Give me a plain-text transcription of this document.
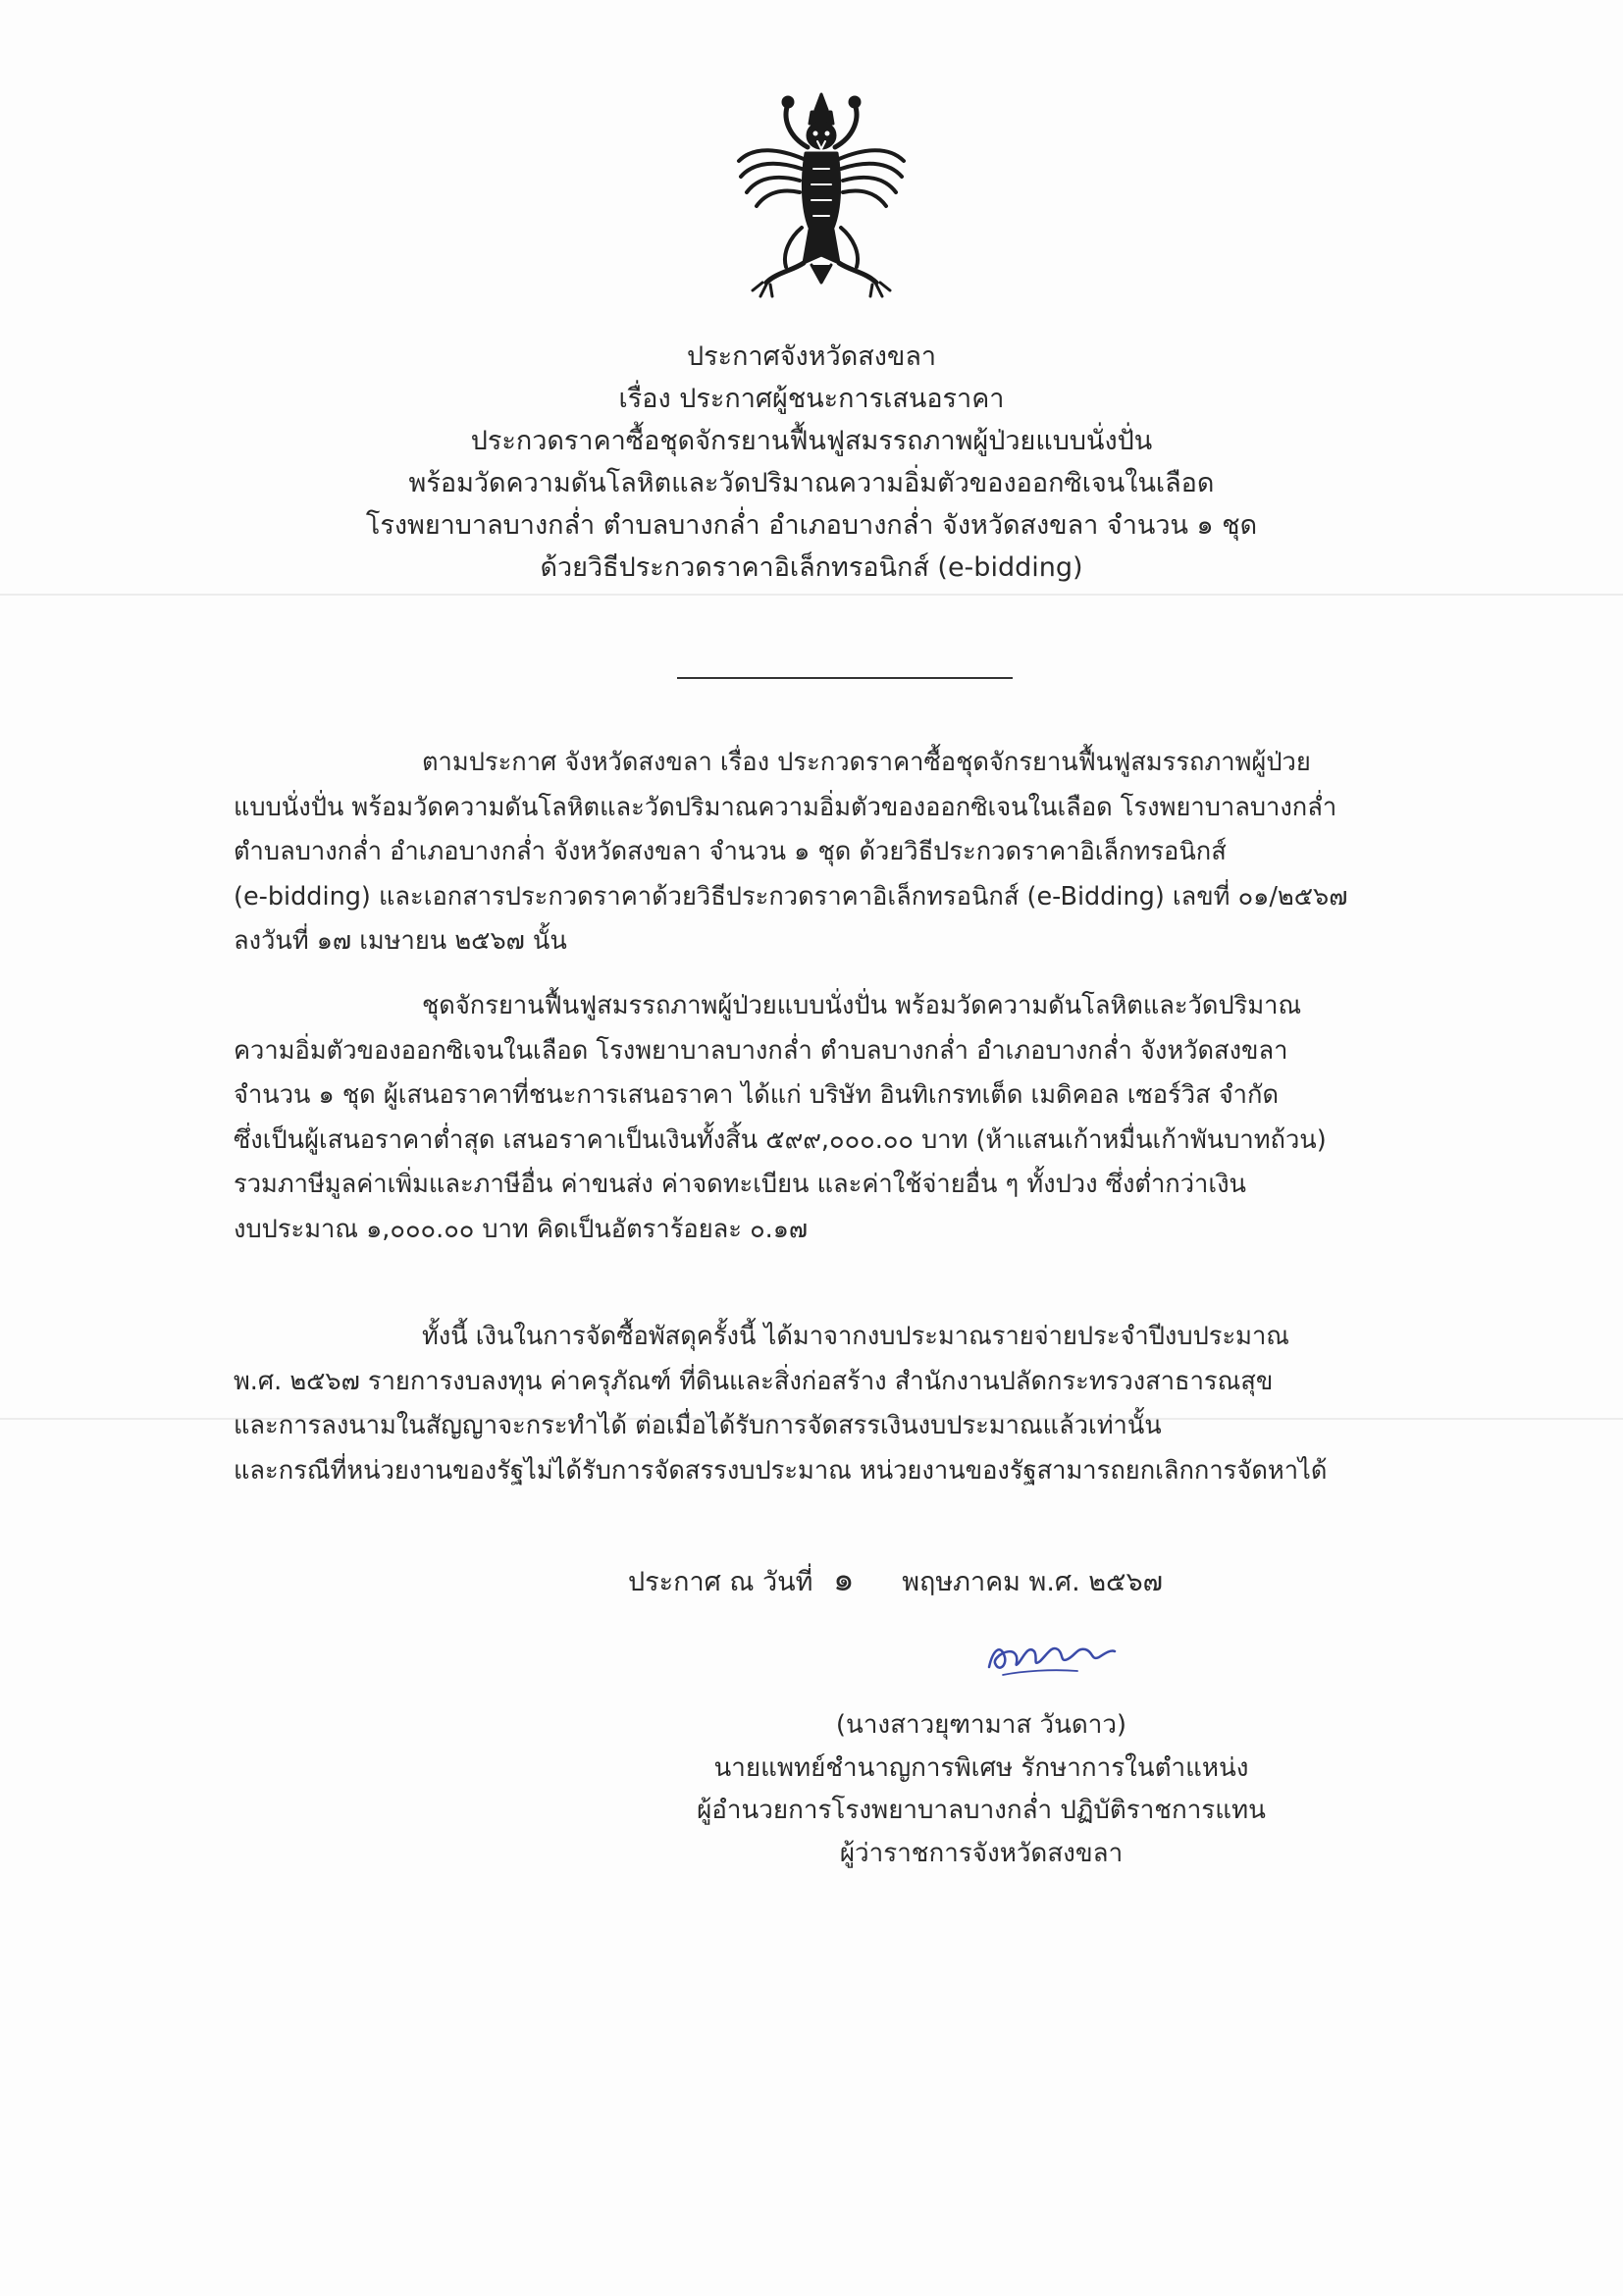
ประกาศจังหวัดสงขลา
เรื่อง ประกาศผู้ชนะการเสนอราคา
ประกวดราคาซื้อชุดจักรยานฟื้นฟูสมรรถภาพผู้ป่วยแบบนั่งปั่น
พร้อมวัดความดันโลหิตและวัดปริมาณความอิ่มตัวของออกซิเจนในเลือด
โรงพยาบาลบางกล่ำ ตำบลบางกล่ำ อำเภอบางกล่ำ จังหวัดสงขลา จำนวน ๑ ชุด
ด้วยวิธีประกวดราคาอิเล็กทรอนิกส์ (e-bidding)
ตามประกาศ จังหวัดสงขลา เรื่อง ประกวดราคาซื้อชุดจักรยานฟื้นฟูสมรรถภาพผู้ป่วย
แบบนั่งปั่น พร้อมวัดความดันโลหิตและวัดปริมาณความอิ่มตัวของออกซิเจนในเลือด โรงพยาบาลบางกล่ำ
ตำบลบางกล่ำ อำเภอบางกล่ำ จังหวัดสงขลา จำนวน ๑ ชุด ด้วยวิธีประกวดราคาอิเล็กทรอนิกส์
(e-bidding) และเอกสารประกวดราคาด้วยวิธีประกวดราคาอิเล็กทรอนิกส์ (e-Bidding) เลขที่ ๐๑/๒๕๖๗
ลงวันที่ ๑๗ เมษายน ๒๕๖๗ นั้น
ชุดจักรยานฟื้นฟูสมรรถภาพผู้ป่วยแบบนั่งปั่น พร้อมวัดความดันโลหิตและวัดปริมาณ
ความอิ่มตัวของออกซิเจนในเลือด โรงพยาบาลบางกล่ำ ตำบลบางกล่ำ อำเภอบางกล่ำ จังหวัดสงขลา
จำนวน ๑ ชุด ผู้เสนอราคาที่ชนะการเสนอราคา ได้แก่ บริษัท อินทิเกรทเต็ด เมดิคอล เซอร์วิส จำกัด
ซึ่งเป็นผู้เสนอราคาต่ำสุด เสนอราคาเป็นเงินทั้งสิ้น ๕๙๙,๐๐๐.๐๐ บาท (ห้าแสนเก้าหมื่นเก้าพันบาทถ้วน)
รวมภาษีมูลค่าเพิ่มและภาษีอื่น ค่าขนส่ง ค่าจดทะเบียน และค่าใช้จ่ายอื่น ๆ ทั้งปวง ซึ่งต่ำกว่าเงิน
งบประมาณ ๑,๐๐๐.๐๐ บาท คิดเป็นอัตราร้อยละ ๐.๑๗
ทั้งนี้ เงินในการจัดซื้อพัสดุครั้งนี้ ได้มาจากงบประมาณรายจ่ายประจำปีงบประมาณ
พ.ศ. ๒๕๖๗ รายการงบลงทุน ค่าครุภัณฑ์ ที่ดินและสิ่งก่อสร้าง สำนักงานปลัดกระทรวงสาธารณสุข
และการลงนามในสัญญาจะกระทำได้ ต่อเมื่อได้รับการจัดสรรเงินงบประมาณแล้วเท่านั้น
และกรณีที่หน่วยงานของรัฐไม่ได้รับการจัดสรรงบประมาณ หน่วยงานของรัฐสามารถยกเลิกการจัดหาได้
ประกาศ ณ วันที่ ๑ พฤษภาคม พ.ศ. ๒๕๖๗
(นางสาวยุฑามาส วันดาว)
นายแพทย์ชำนาญการพิเศษ รักษาการในตำแหน่ง
ผู้อำนวยการโรงพยาบาลบางกล่ำ ปฏิบัติราชการแทน
ผู้ว่าราชการจังหวัดสงขลา
